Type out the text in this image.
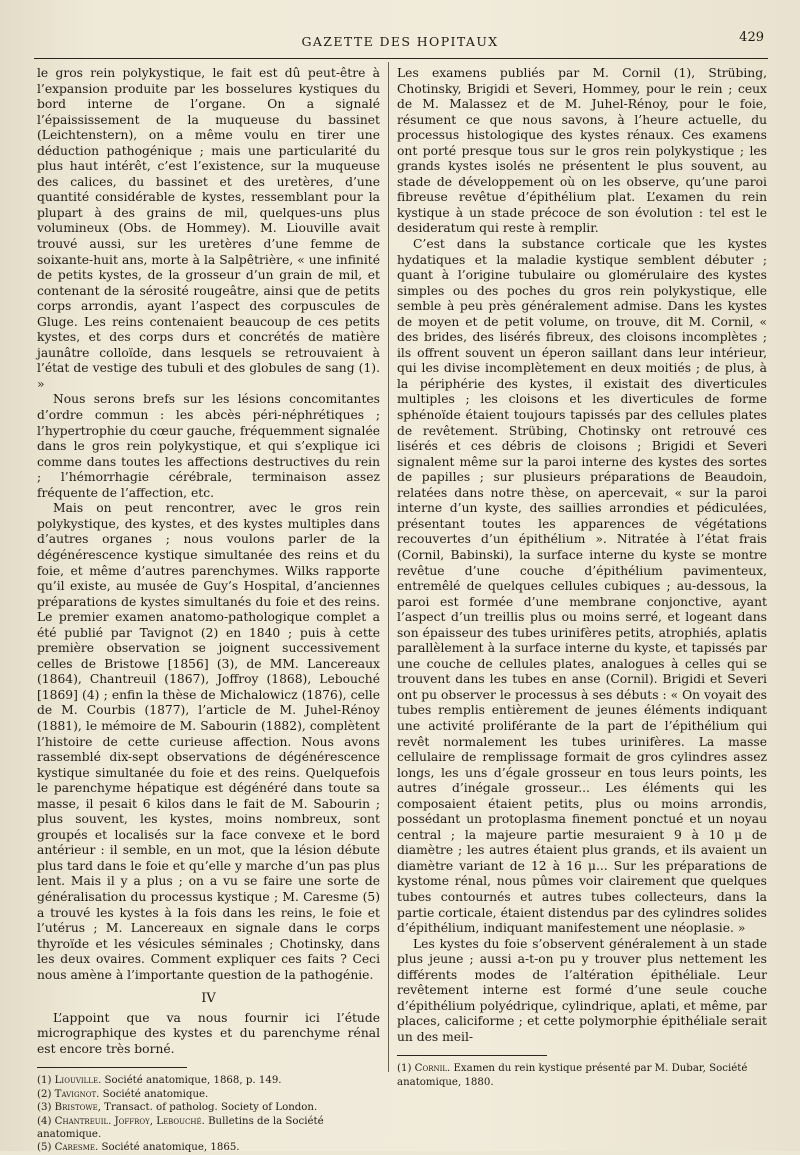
GAZETTE DES HOPITAUX	429

le gros rein polykystique, le fait est dû peut-être à l’expansion produite par les bosselures kystiques du bord interne de l’organe. On a signalé l’épaississement de la muqueuse du bassinet (Leichtenstern), on a même voulu en tirer une déduction pathogénique ; mais une particularité du plus haut intérêt, c’est l’existence, sur la muqueuse des calices, du bassinet et des uretères, d’une quantité considérable de kystes, ressemblant pour la plupart à des grains de mil, quelques-uns plus volumineux (Obs. de Hommey). M. Liouville avait trouvé aussi, sur les uretères d’une femme de soixante-huit ans, morte à la Salpêtrière, « une infinité de petits kystes, de la grosseur d’un grain de mil, et contenant de la sérosité rougeâtre, ainsi que de petits corps arrondis, ayant l’aspect des corpuscules de Gluge. Les reins contenaient beaucoup de ces petits kystes, et des corps durs et concrétés de matière jaunâtre colloïde, dans lesquels se retrouvaient à l’état de vestige des tubuli et des globules de sang (1). »

Nous serons brefs sur les lésions concomitantes d’ordre commun : les abcès péri-néphrétiques ; l’hypertrophie du cœur gauche, fréquemment signalée dans le gros rein polykystique, et qui s’explique ici comme dans toutes les affections destructives du rein ; l’hémorrhagie cérébrale, terminaison assez fréquente de l’affection, etc.

Mais on peut rencontrer, avec le gros rein polykystique, des kystes, et des kystes multiples dans d’autres organes ; nous voulons parler de la dégénérescence kystique simultanée des reins et du foie, et même d’autres parenchymes. Wilks rapporte qu’il existe, au musée de Guy’s Hospital, d’anciennes préparations de kystes simultanés du foie et des reins. Le premier examen anatomo-pathologique complet a été publié par Tavignot (2) en 1840 ; puis à cette première observation se joignent successivement celles de Bristowe [1856] (3), de MM. Lancereaux (1864), Chantreuil (1867), Joffroy (1868), Lebouché [1869] (4) ; enfin la thèse de Michalowicz (1876), celle de M. Courbis (1877), l’article de M. Juhel-Rénoy (1881), le mémoire de M. Sabourin (1882), complètent l’histoire de cette curieuse affection. Nous avons rassemblé dix-sept observations de dégénérescence kystique simultanée du foie et des reins. Quelquefois le parenchyme hépatique est dégénéré dans toute sa masse, il pesait 6 kilos dans le fait de M. Sabourin ; plus souvent, les kystes, moins nombreux, sont groupés et localisés sur la face convexe et le bord antérieur : il semble, en un mot, que la lésion débute plus tard dans le foie et qu’elle y marche d’un pas plus lent. Mais il y a plus ; on a vu se faire une sorte de généralisation du processus kystique ; M. Caresme (5) a trouvé les kystes à la fois dans les reins, le foie et l’utérus ; M. Lancereaux en signale dans le corps thyroïde et les vésicules séminales ; Chotinsky, dans les deux ovaires. Comment expliquer ces faits ? Ceci nous amène à l’importante question de la pathogénie.

IV

L’appoint que va nous fournir ici l’étude micrographique des kystes et du parenchyme rénal est encore très borné.

(1) Liouville. Société anatomique, 1868, p. 149.

(2) Tavignot. Société anatomique.

(3) Bristowe, Transact. of patholog. Society of London.

(4) Chantreuil. Joffroy, Lebouché. Bulletins de la Société anatomique.

(5) Caresme. Société anatomique, 1865.

Les examens publiés par M. Cornil (1), Strübing, Chotinsky, Brigidi et Severi, Hommey, pour le rein ; ceux de M. Malassez et de M. Juhel-Rénoy, pour le foie, résument ce que nous savons, à l’heure actuelle, du processus histologique des kystes rénaux. Ces examens ont porté presque tous sur le gros rein polykystique ; les grands kystes isolés ne présentent le plus souvent, au stade de développement où on les observe, qu’une paroi fibreuse revêtue d’épithélium plat. L’examen du rein kystique à un stade précoce de son évolution : tel est le desideratum qui reste à remplir.

C’est dans la substance corticale que les kystes hydatiques et la maladie kystique semblent débuter ; quant à l’origine tubulaire ou glomérulaire des kystes simples ou des poches du gros rein polykystique, elle semble à peu près généralement admise. Dans les kystes de moyen et de petit volume, on trouve, dit M. Cornil, « des brides, des lisérés fibreux, des cloisons incomplètes ; ils offrent souvent un éperon saillant dans leur intérieur, qui les divise incomplètement en deux moitiés ; de plus, à la périphérie des kystes, il existait des diverticules multiples ; les cloisons et les diverticules de forme sphénoïde étaient toujours tapissés par des cellules plates de revêtement. Strübing, Chotinsky ont retrouvé ces lisérés et ces débris de cloisons ; Brigidi et Severi signalent même sur la paroi interne des kystes des sortes de papilles ; sur plusieurs préparations de Beaudoin, relatées dans notre thèse, on apercevait, « sur la paroi interne d’un kyste, des saillies arrondies et pédiculées, présentant toutes les apparences de végétations recouvertes d’un épithélium ». Nitratée à l’état frais (Cornil, Babinski), la surface interne du kyste se montre revêtue d’une couche d’épithélium pavimenteux, entremêlé de quelques cellules cubiques ; au-dessous, la paroi est formée d’une membrane conjonctive, ayant l’aspect d’un treillis plus ou moins serré, et logeant dans son épaisseur des tubes urinifères petits, atrophiés, aplatis parallèlement à la surface interne du kyste, et tapissés par une couche de cellules plates, analogues à celles qui se trouvent dans les tubes en anse (Cornil). Brigidi et Severi ont pu observer le processus à ses débuts : « On voyait des tubes remplis entièrement de jeunes éléments indiquant une activité proliférante de la part de l’épithélium qui revêt normalement les tubes urinifères. La masse cellulaire de remplissage formait de gros cylindres assez longs, les uns d’égale grosseur en tous leurs points, les autres d’inégale grosseur... Les éléments qui les composaient étaient petits, plus ou moins arrondis, possédant un protoplasma finement ponctué et un noyau central ; la majeure partie mesuraient 9 à 10 μ de diamètre ; les autres étaient plus grands, et ils avaient un diamètre variant de 12 à 16 μ... Sur les préparations de kystome rénal, nous pûmes voir clairement que quelques tubes contournés et autres tubes collecteurs, dans la partie corticale, étaient distendus par des cylindres solides d’épithélium, indiquant manifestement une néoplasie. »

Les kystes du foie s’observent généralement à un stade plus jeune ; aussi a-t-on pu y trouver plus nettement les différents modes de l’altération épithéliale. Leur revêtement interne est formé d’une seule couche d’épithélium polyédrique, cylindrique, aplati, et même, par places, caliciforme ; et cette polymorphie épithéliale serait un des meil-

(1) Cornil. Examen du rein kystique présenté par M. Dubar, Société anatomique, 1880.
